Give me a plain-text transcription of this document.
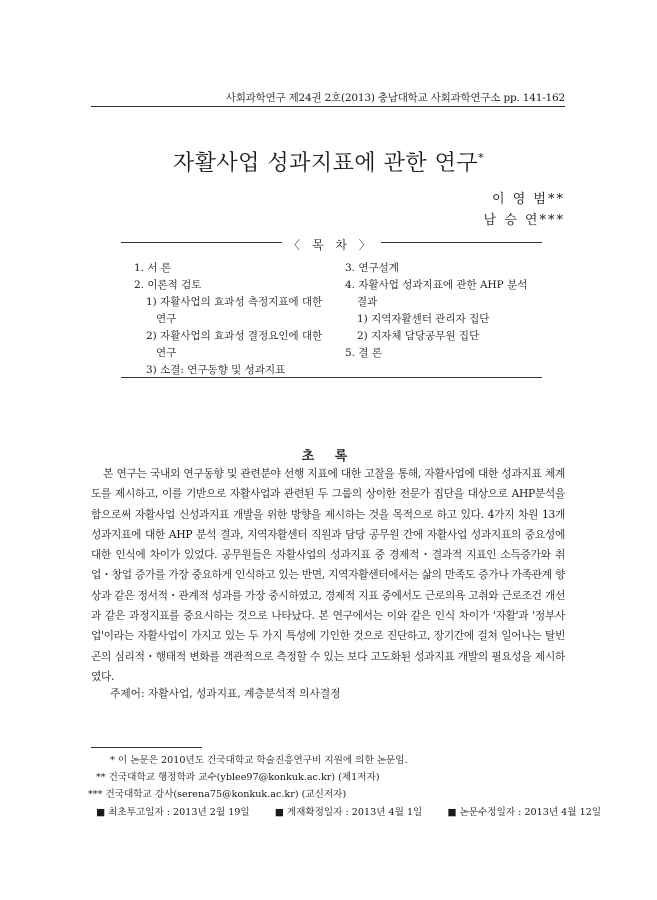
사회과학연구 제24권 2호(2013) 충남대학교 사회과학연구소 pp. 141-162
자활사업 성과지표에 관한 연구*
이 영 범**
남 승 연***
〈 목 차 〉
1. 서 론
2. 이론적 검토
1) 자활사업의 효과성 측정지표에 대한
연구
2) 자활사업의 효과성 결정요인에 대한
연구
3) 소결: 연구동향 및 성과지표
3. 연구설계
4. 자활사업 성과지표에 관한 AHP 분석
결과
1) 지역자활센터 관리자 집단
2) 지자체 담당공무원 집단
5. 결 론
초 록
본 연구는 국내외 연구동향 및 관련분야 선행 지표에 대한 고찰을 통해, 자활사업에 대한 성과지표 체계도를 제시하고, 이를 기반으로 자활사업과 관련된 두 그룹의 상이한 전문가 집단을 대상으로 AHP분석을 함으로써 자활사업 신성과지표 개발을 위한 방향을 제시하는 것을 목적으로 하고 있다. 4가지 차원 13개 성과지표에 대한 AHP 분석 결과, 지역자활센터 직원과 담당 공무원 간에 자활사업 성과지표의 중요성에 대한 인식에 차이가 있었다. 공무원들은 자활사업의 성과지표 중 경제적・결과적 지표인 소득증가와 취업・창업 증가를 가장 중요하게 인식하고 있는 반면, 지역자활센터에서는 삶의 만족도 증가나 가족관계 향상과 같은 정서적・관계적 성과를 가장 중시하였고, 경제적 지표 중에서도 근로의욕 고취와 근로조건 개선과 같은 과정지표를 중요시하는 것으로 나타났다. 본 연구에서는 이와 같은 인식 차이가 '자활'과 '정부사업'이라는 자활사업이 가지고 있는 두 가지 특성에 기인한 것으로 진단하고, 장기간에 걸쳐 일어나는 탈빈곤의 심리적・행태적 변화를 객관적으로 측정할 수 있는 보다 고도화된 성과지표 개발의 필요성을 제시하였다.
주제어: 자활사업, 성과지표, 계층분석적 의사결정
* 이 논문은 2010년도 건국대학교 학술진흥연구비 지원에 의한 논문임.
** 건국대학교 행정학과 교수(yblee97@konkuk.ac.kr) (제1저자)
*** 건국대학교 강사(serena75@konkuk.ac.kr) (교신저자)
■ 최초투고일자 : 2013년 2월 19일	■ 게재확정일자 : 2013년 4월 1일	■ 논문수정일자 : 2013년 4월 12일
